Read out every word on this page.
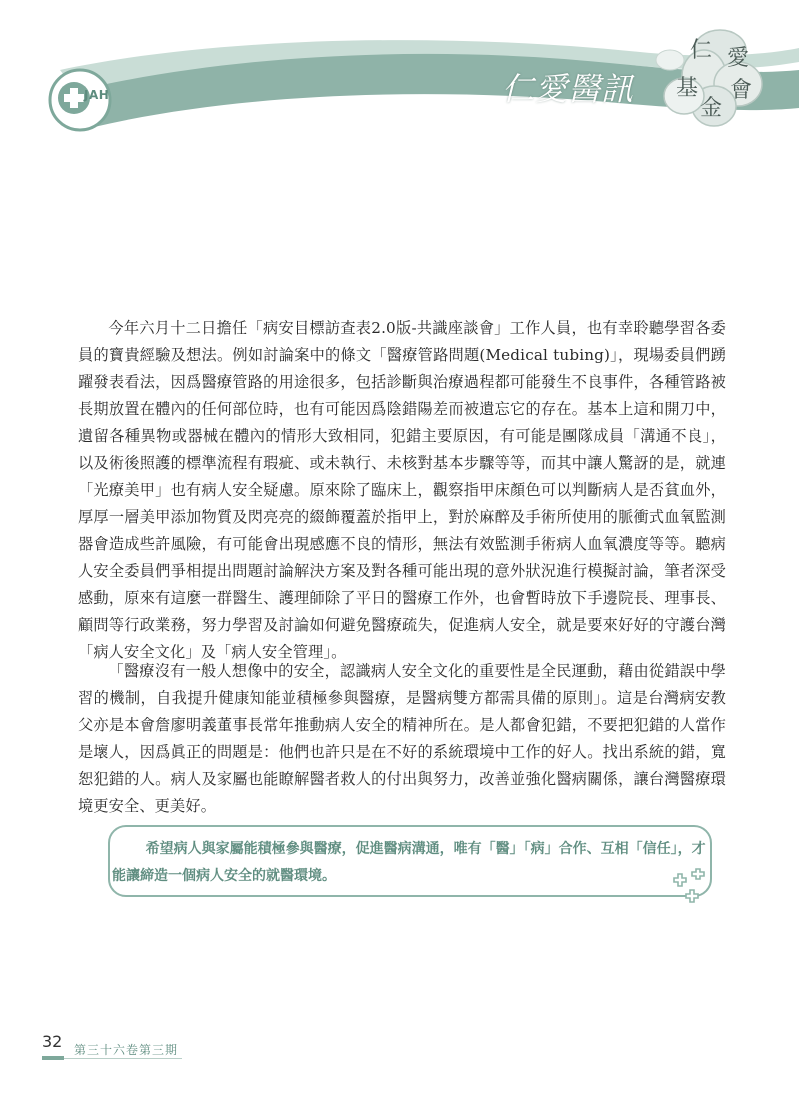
JAH	仁愛醫訊
仁 愛
基
金
會

今年六月十二日擔任「病安目標訪查表2.0版-共識座談會」工作人員，也有幸聆聽學習各委員的寶貴經驗及想法。例如討論案中的條文「醫療管路問題(Medical tubing)」，現場委員們踴躍發表看法，因爲醫療管路的用途很多，包括診斷與治療過程都可能發生不良事件，各種管路被長期放置在體內的任何部位時，也有可能因爲陰錯陽差而被遺忘它的存在。基本上這和開刀中，遺留各種異物或器械在體內的情形大致相同，犯錯主要原因，有可能是團隊成員「溝通不良」，以及術後照護的標準流程有瑕疵、或未執行、未核對基本步驟等等，而其中讓人驚訝的是，就連「光療美甲」也有病人安全疑慮。原來除了臨床上，觀察指甲床顏色可以判斷病人是否貧血外，厚厚一層美甲添加物質及閃亮亮的綴飾覆蓋於指甲上，對於麻醉及手術所使用的脈衝式血氧監測器會造成些許風險，有可能會出現感應不良的情形，無法有效監測手術病人血氧濃度等等。聽病人安全委員們爭相提出問題討論解決方案及對各種可能出現的意外狀況進行模擬討論，筆者深受感動，原來有這麼一群醫生、護理師除了平日的醫療工作外，也會暫時放下手邊院長、理事長、顧問等行政業務，努力學習及討論如何避免醫療疏失，促進病人安全，就是要來好好的守護台灣「病人安全文化」及「病人安全管理」。

「醫療沒有一般人想像中的安全，認識病人安全文化的重要性是全民運動，藉由從錯誤中學習的機制，自我提升健康知能並積極參與醫療，是醫病雙方都需具備的原則」。這是台灣病安教父亦是本會詹廖明義董事長常年推動病人安全的精神所在。是人都會犯錯，不要把犯錯的人當作是壞人，因爲眞正的問題是：他們也許只是在不好的系統環境中工作的好人。找出系統的錯，寬恕犯錯的人。病人及家屬也能瞭解醫者救人的付出與努力，改善並強化醫病關係，讓台灣醫療環境更安全、更美好。

希望病人與家屬能積極參與醫療，促進醫病溝通，唯有「醫」「病」合作、互相「信任」，才能讓締造一個病人安全的就醫環境。

32 第三十六卷第三期
